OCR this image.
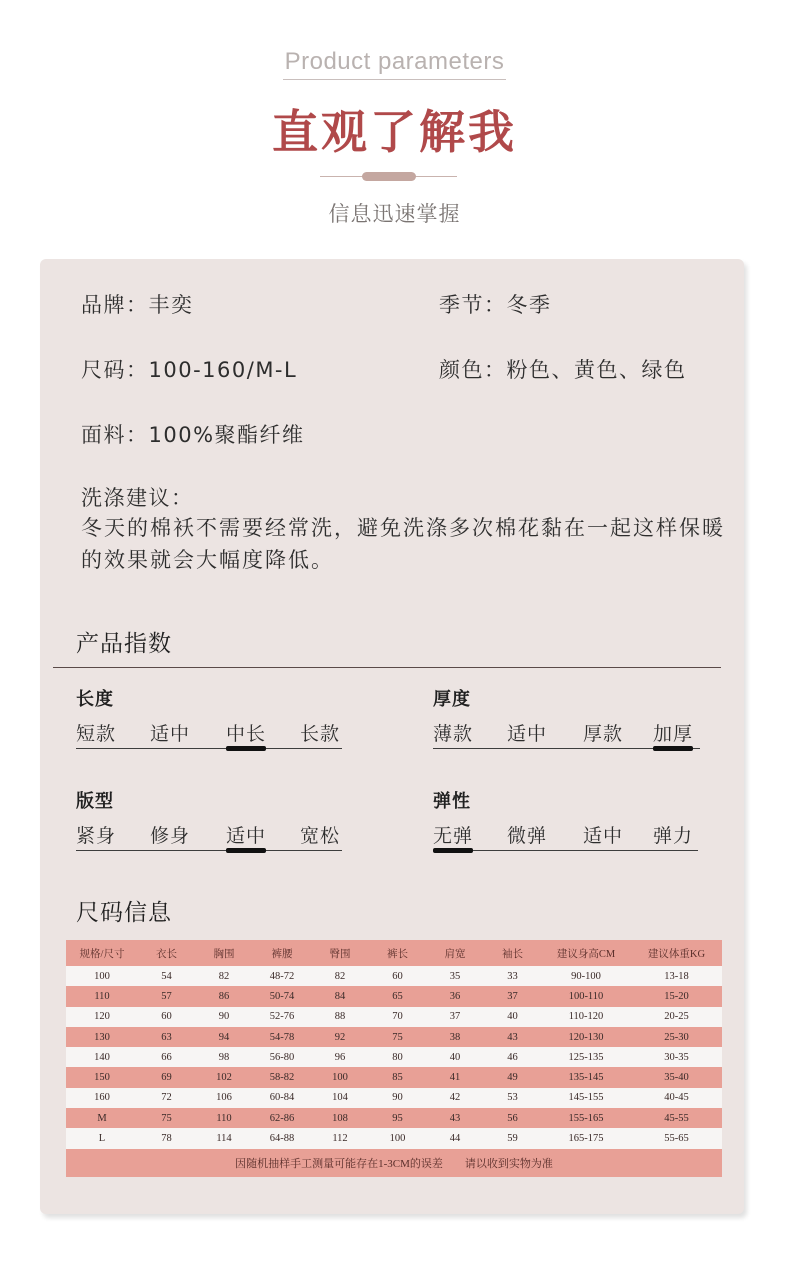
Product parameters
直观了解我
信息迅速掌握
品牌：丰奕	季节：冬季
尺码：100-160/M-L	颜色：粉色、黄色、绿色
面料：100%聚酯纤维
洗涤建议：
冬天的棉袄不需要经常洗，避免洗涤多次棉花黏在一起这样保暖的效果就会大幅度降低。
产品指数
长度
短款 适中 中长 长款
厚度
薄款 适中 厚款 加厚
版型
紧身 修身 适中 宽松
弹性
无弹 微弹 适中 弹力
尺码信息
规格/尺寸	衣长	胸围	裤腰	臀围	裤长	肩宽	袖长	建议身高CM	建议体重KG
100	54	82	48-72	82	60	35	33	90-100	13-18
110	57	86	50-74	84	65	36	37	100-110	15-20
120	60	90	52-76	88	70	37	40	110-120	20-25
130	63	94	54-78	92	75	38	43	120-130	25-30
140	66	98	56-80	96	80	40	46	125-135	30-35
150	69	102	58-82	100	85	41	49	135-145	35-40
160	72	106	60-84	104	90	42	53	145-155	40-45
M	75	110	62-86	108	95	43	56	155-165	45-55
L	78	114	64-88	112	100	44	59	165-175	55-65
因随机抽样手工测量可能存在1-3CM的误差        请以收到实物为准
